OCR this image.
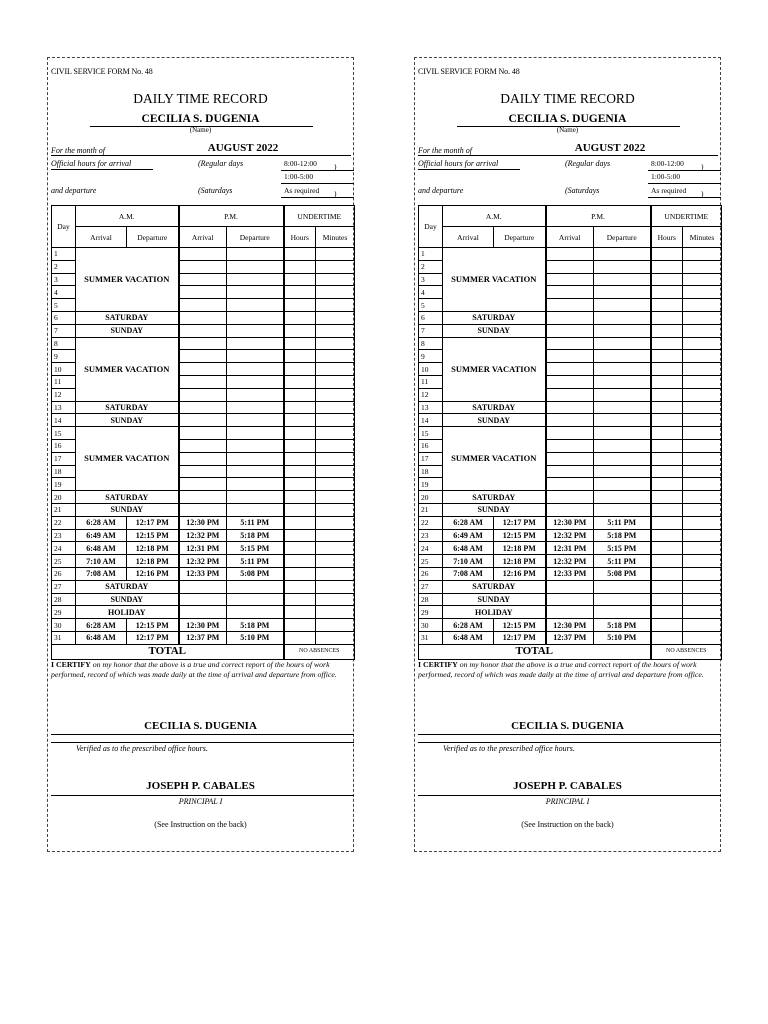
CIVIL SERVICE FORM No. 48
DAILY TIME RECORD
CECILIA S. DUGENIA
(Name)
For the month of	AUGUST 2022
Official hours for arrival	(Regular days	8:00-12:00 )
1:00-5:00
and departure	(Saturdays	As required )
Day	A.M.		P.M.		UNDERTIME	
	Arrival	Departure	Arrival	Departure	Hours	Minutes
1	SUMMER VACATION					
2						
3						
4						
5						
6	SATURDAY					
7	SUNDAY					
8	SUMMER VACATION					
9						
10						
11						
12						
13	SATURDAY					
14	SUNDAY					
15	SUMMER VACATION					
16						
17						
18						
19						
20	SATURDAY					
21	SUNDAY					
22	6:28 AM	12:17 PM	12:30 PM	5:11 PM		
23	6:49 AM	12:15 PM	12:32 PM	5:18 PM		
24	6:48 AM	12:18 PM	12:31 PM	5:15 PM		
25	7:10 AM	12:18 PM	12:32 PM	5:11 PM		
26	7:08 AM	12:16 PM	12:33 PM	5:08 PM		
27	SATURDAY					
28	SUNDAY					
29	HOLIDAY					
30	6:28 AM	12:15 PM	12:30 PM	5:18 PM		
31	6:48 AM	12:17 PM	12:37 PM	5:10 PM		
TOTAL					NO ABSENCES	
I CERTIFY on my honor that the above is a true and correct report of the hours of work performed, record of which was made daily at the time of arrival and departure from office.
CECILIA S. DUGENIA
Verified as to the prescribed office hours.
JOSEPH P. CABALES
PRINCIPAL I
(See Instruction on the back)
CIVIL SERVICE FORM No. 48
DAILY TIME RECORD
CECILIA S. DUGENIA
(Name)
For the month of	AUGUST 2022
Official hours for arrival	(Regular days	8:00-12:00 )
1:00-5:00
and departure	(Saturdays	As required )
Day	A.M.		P.M.		UNDERTIME	
	Arrival	Departure	Arrival	Departure	Hours	Minutes
1	SUMMER VACATION					
2						
3						
4						
5						
6	SATURDAY					
7	SUNDAY					
8	SUMMER VACATION					
9						
10						
11						
12						
13	SATURDAY					
14	SUNDAY					
15	SUMMER VACATION					
16						
17						
18						
19						
20	SATURDAY					
21	SUNDAY					
22	6:28 AM	12:17 PM	12:30 PM	5:11 PM		
23	6:49 AM	12:15 PM	12:32 PM	5:18 PM		
24	6:48 AM	12:18 PM	12:31 PM	5:15 PM		
25	7:10 AM	12:18 PM	12:32 PM	5:11 PM		
26	7:08 AM	12:16 PM	12:33 PM	5:08 PM		
27	SATURDAY					
28	SUNDAY					
29	HOLIDAY					
30	6:28 AM	12:15 PM	12:30 PM	5:18 PM		
31	6:48 AM	12:17 PM	12:37 PM	5:10 PM		
TOTAL					NO ABSENCES	
I CERTIFY on my honor that the above is a true and correct report of the hours of work performed, record of which was made daily at the time of arrival and departure from office.
CECILIA S. DUGENIA
Verified as to the prescribed office hours.
JOSEPH P. CABALES
PRINCIPAL I
(See Instruction on the back)
